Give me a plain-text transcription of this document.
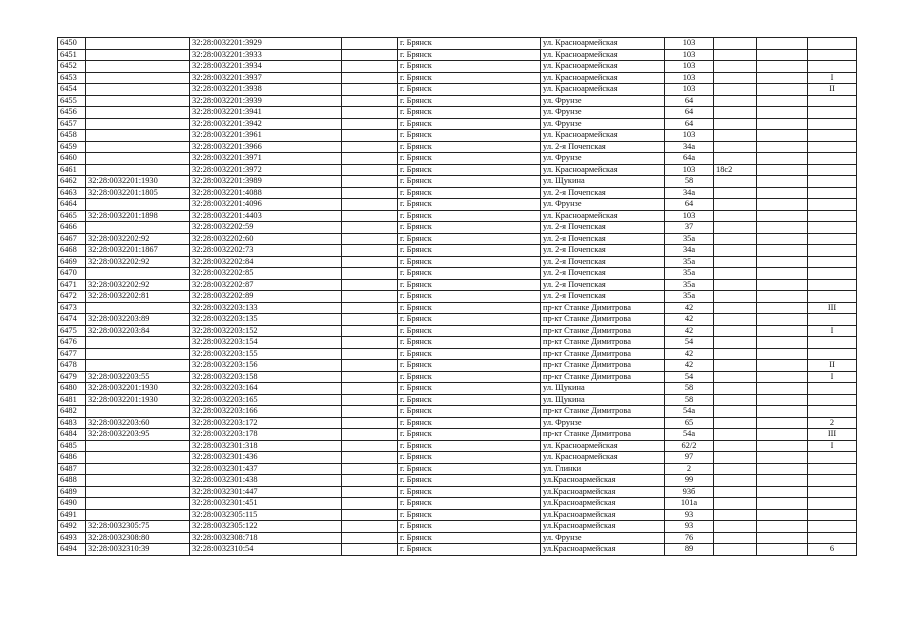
6450		32:28:0032201:3929		г. Брянск	ул. Красноармейская	103			
6451		32:28:0032201:3933		г. Брянск	ул. Красноармейская	103			
6452		32:28:0032201:3934		г. Брянск	ул. Красноармейская	103			
6453		32:28:0032201:3937		г. Брянск	ул. Красноармейская	103			I
6454		32:28:0032201:3938		г. Брянск	ул. Красноармейская	103			II
6455		32:28:0032201:3939		г. Брянск	ул. Фрунзе	64			
6456		32:28:0032201:3941		г. Брянск	ул. Фрунзе	64			
6457		32:28:0032201:3942		г. Брянск	ул. Фрунзе	64			
6458		32:28:0032201:3961		г. Брянск	ул. Красноармейская	103			
6459		32:28:0032201:3966		г. Брянск	ул. 2-я Почепская	34а			
6460		32:28:0032201:3971		г. Брянск	ул. Фрунзе	64а			
6461		32:28:0032201:3972		г. Брянск	ул. Красноармейская	103	18с2		
6462	32:28:0032201:1930	32:28:0032201:3989		г. Брянск	ул. Щукина	58			
6463	32:28:0032201:1805	32:28:0032201:4088		г. Брянск	ул. 2-я Почепская	34а			
6464		32:28:0032201:4096		г. Брянск	ул. Фрунзе	64			
6465	32:28:0032201:1898	32:28:0032201:4403		г. Брянск	ул. Красноармейская	103			
6466		32:28:0032202:59		г. Брянск	ул. 2-я Почепская	37			
6467	32:28:0032202:92	32:28:0032202:60		г. Брянск	ул. 2-я Почепская	35а			
6468	32:28:0032201:1867	32:28:0032202:73		г. Брянск	ул. 2-я Почепская	34а			
6469	32:28:0032202:92	32:28:0032202:84		г. Брянск	ул. 2-я Почепская	35а			
6470		32:28:0032202:85		г. Брянск	ул. 2-я Почепская	35а			
6471	32:28:0032202:92	32:28:0032202:87		г. Брянск	ул. 2-я Почепская	35а			
6472	32:28:0032202:81	32:28:0032202:89		г. Брянск	ул. 2-я Почепская	35а			
6473		32:28:0032203:133		г. Брянск	пр-кт Станке Димитрова	42			III
6474	32:28:0032203:89	32:28:0032203:135		г. Брянск	пр-кт Станке Димитрова	42			
6475	32:28:0032203:84	32:28:0032203:152		г. Брянск	пр-кт Станке Димитрова	42			I
6476		32:28:0032203:154		г. Брянск	пр-кт Станке Димитрова	54			
6477		32:28:0032203:155		г. Брянск	пр-кт Станке Димитрова	42			
6478		32:28:0032203:156		г. Брянск	пр-кт Станке Димитрова	42			II
6479	32:28:0032203:55	32:28:0032203:158		г. Брянск	пр-кт Станке Димитрова	54			I
6480	32:28:0032201:1930	32:28:0032203:164		г. Брянск	ул. Щукина	58			
6481	32:28:0032201:1930	32:28:0032203:165		г. Брянск	ул. Щукина	58			
6482		32:28:0032203:166		г. Брянск	пр-кт Станке Димитрова	54а			
6483	32:28:0032203:60	32:28:0032203:172		г. Брянск	ул. Фрунзе	65			2
6484	32:28:0032203:95	32:28:0032203:178		г. Брянск	пр-кт Станке Димитрова	54а			III
6485		32:28:0032301:318		г. Брянск	ул. Красноармейская	62/2			I
6486		32:28:0032301:436		г. Брянск	ул. Красноармейская	97			
6487		32:28:0032301:437		г. Брянск	ул. Глинки	2			
6488		32:28:0032301:438		г. Брянск	ул.Красноармейская	99			
6489		32:28:0032301:447		г. Брянск	ул.Красноармейская	93б			
6490		32:28:0032301:451		г. Брянск	ул.Красноармейская	101а			
6491		32:28:0032305:115		г. Брянск	ул.Красноармейская	93			
6492	32:28:0032305:75	32:28:0032305:122		г. Брянск	ул.Красноармейская	93			
6493	32:28:0032308:80	32:28:0032308:718		г. Брянск	ул. Фрунзе	76			
6494	32:28:0032310:39	32:28:0032310:54		г. Брянск	ул.Красноармейская	89			6
